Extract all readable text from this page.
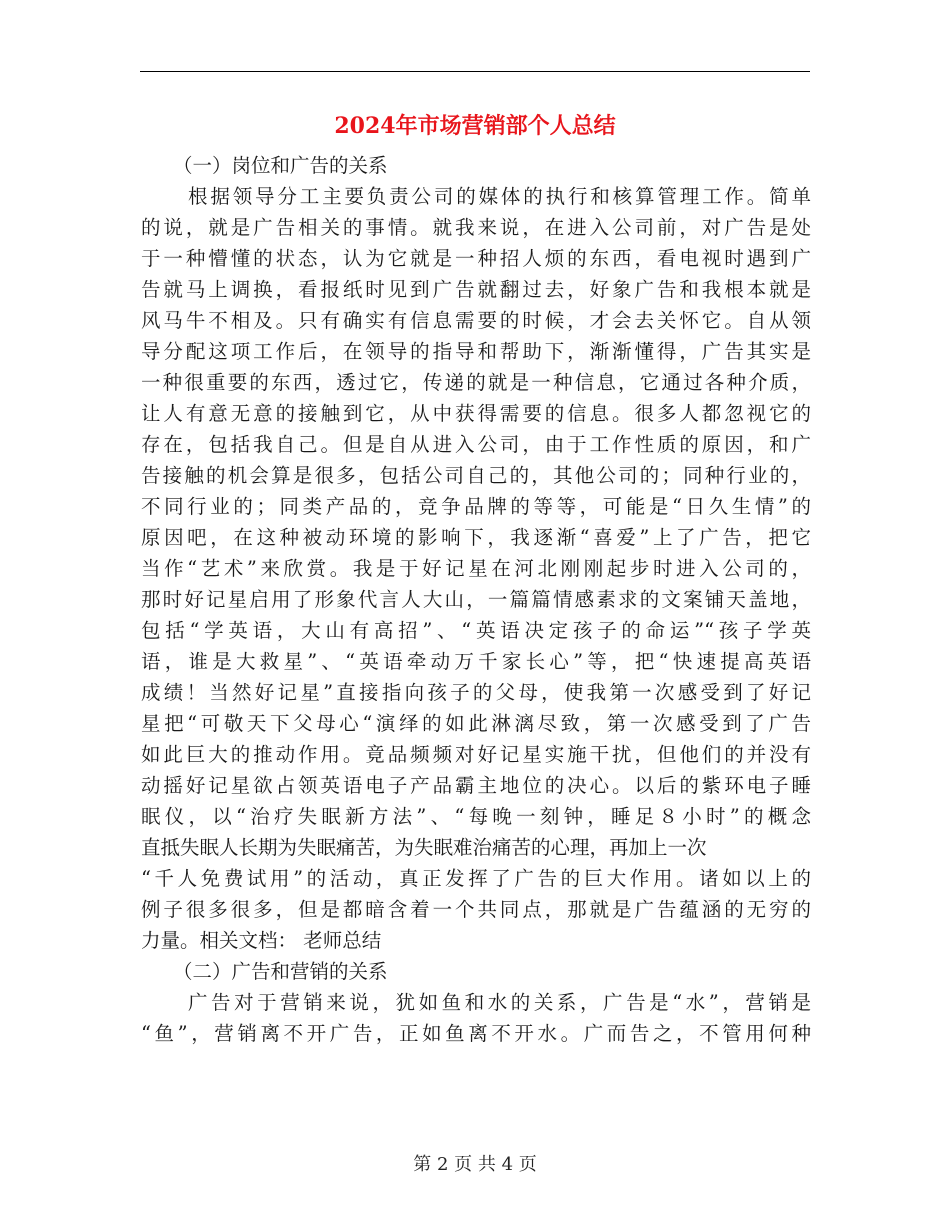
2024年市场营销部个人总结
（一）岗位和广告的关系
根据领导分工主要负责公司的媒体的执行和核算管理工作。简单
的说，就是广告相关的事情。就我来说，在进入公司前，对广告是处
于一种懵懂的状态，认为它就是一种招人烦的东西，看电视时遇到广
告就马上调换，看报纸时见到广告就翻过去，好象广告和我根本就是
风马牛不相及。只有确实有信息需要的时候，才会去关怀它。自从领
导分配这项工作后，在领导的指导和帮助下，渐渐懂得，广告其实是
一种很重要的东西，透过它，传递的就是一种信息，它通过各种介质，
让人有意无意的接触到它，从中获得需要的信息。很多人都忽视它的
存在，包括我自己。但是自从进入公司，由于工作性质的原因，和广
告接触的机会算是很多，包括公司自己的，其他公司的；同种行业的，
不同行业的；同类产品的，竞争品牌的等等，可能是“日久生情”的
原因吧，在这种被动环境的影响下，我逐渐“喜爱”上了广告，把它
当作“艺术”来欣赏。我是于好记星在河北刚刚起步时进入公司的，
那时好记星启用了形象代言人大山，一篇篇情感素求的文案铺天盖地，
包括“学英语，大山有高招”、“英语决定孩子的命运”“孩子学英
语，谁是大救星”、“英语牵动万千家长心”等，把“快速提高英语
成绩！当然好记星”直接指向孩子的父母，使我第一次感受到了好记
星把“可敬天下父母心“演绎的如此淋漓尽致，第一次感受到了广告
如此巨大的推动作用。竟品频频对好记星实施干扰，但他们的并没有
动摇好记星欲占领英语电子产品霸主地位的决心。以后的紫环电子睡
眠仪，以“治疗失眠新方法”、“每晚一刻钟，睡足８小时”的概念
直抵失眠人长期为失眠痛苦，为失眠难治痛苦的心理，再加上一次
“千人免费试用”的活动，真正发挥了广告的巨大作用。诸如以上的
例子很多很多，但是都暗含着一个共同点，那就是广告蕴涵的无穷的
力量。相关文档： 老师总结
（二）广告和营销的关系
广告对于营销来说，犹如鱼和水的关系，广告是“水”，营销是
“鱼”，营销离不开广告，正如鱼离不开水。广而告之，不管用何种
第 2 页 共 4 页
